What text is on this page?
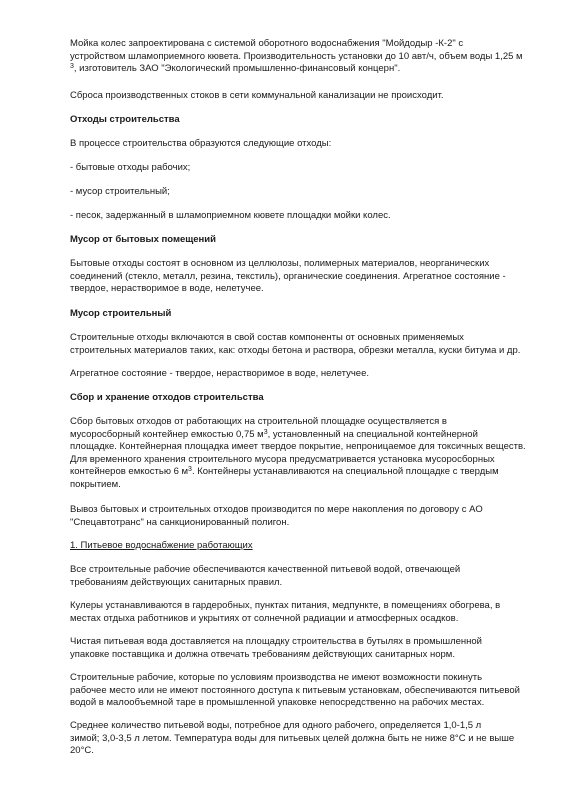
Мойка колес запроектирована с системой оборотного водоснабжения "Мойдодыр -К-2" с
устройством шламоприемного кювета. Производительность установки до 10 авт/ч, объем воды 1,25 м
$^3$, изготовитель ЗАО "Экологический промышленно-финансовый концерн".

Сброса производственных стоков в сети коммунальной канализации не происходит.

Отходы строительства

В процессе строительства образуются следующие отходы:

- бытовые отходы рабочих;

- мусор строительный;

- песок, задержанный в шламоприемном кювете площадки мойки колес.

Мусор от бытовых помещений

Бытовые отходы состоят в основном из целлюлозы, полимерных материалов, неорганических
соединений (стекло, металл, резина, текстиль), органические соединения. Агрегатное состояние -
твердое, нерастворимое в воде, нелетучее.

Мусор строительный

Строительные отходы включаются в свой состав компоненты от основных применяемых
строительных материалов таких, как: отходы бетона и раствора, обрезки металла, куски битума и др.

Агрегатное состояние - твердое, нерастворимое в воде, нелетучее.

Сбор и хранение отходов строительства

Сбор бытовых отходов от работающих на строительной площадке осуществляется в
мусоросборный контейнер емкостью 0,75 $м^3$, установленный на специальной контейнерной
площадке. Контейнерная площадка имеет твердое покрытие, непроницаемое для токсичных веществ.
Для временного хранения строительного мусора предусматривается установка мусоросборных
контейнеров емкостью 6 $м^3$. Контейнеры устанавливаются на специальной площадке с твердым
покрытием.
Вывоз бытовых и строительных отходов производится по мере накопления по договору с АО
"Спецавтотранс" на санкционированный полигон.

1. Питьевое водоснабжение работающих

Все строительные рабочие обеспечиваются качественной питьевой водой, отвечающей
требованиям действующих санитарных правил.
Кулеры устанавливаются в гардеробных, пунктах питания, медпункте, в помещениях обогрева, в
местах отдыха работников и укрытиях от солнечной радиации и атмосферных осадков.
Чистая питьевая вода доставляется на площадку строительства в бутылях в промышленной
упаковке поставщика и должна отвечать требованиям действующих санитарных норм.
Строительные рабочие, которые по условиям производства не имеют возможности покинуть
рабочее место или не имеют постоянного доступа к питьевым установкам, обеспечиваются питьевой
водой в малообъемной таре в промышленной упаковке непосредственно на рабочих местах.
Среднее количество питьевой воды, потребное для одного рабочего, определяется 1,0-1,5 л
зимой; 3,0-3,5 л летом. Температура воды для питьевых целей должна быть не ниже 8°С и не выше
20°С.
